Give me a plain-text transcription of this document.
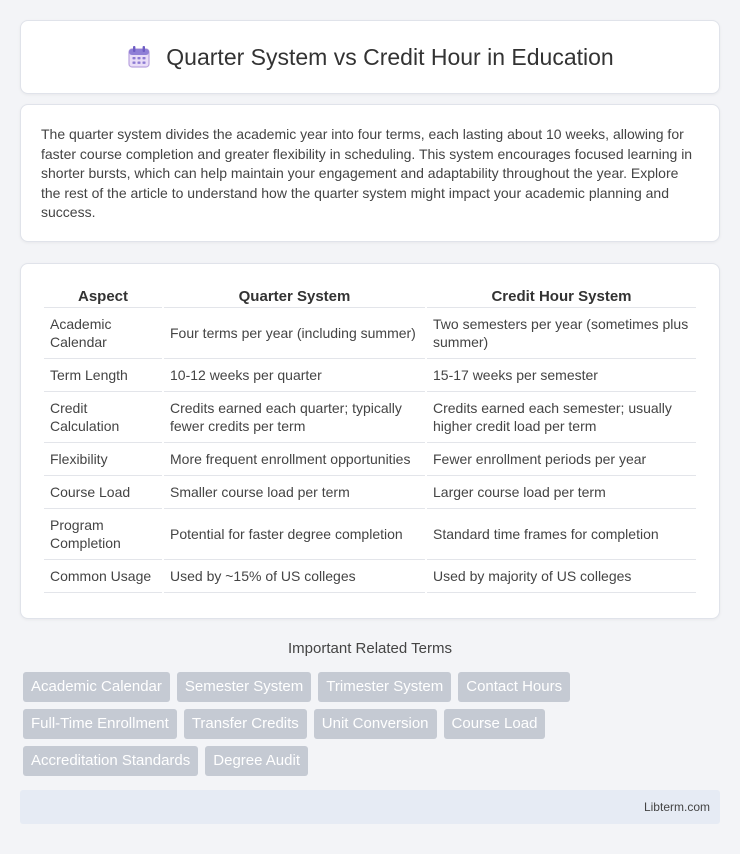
Quarter System vs Credit Hour in Education

The quarter system divides the academic year into four terms, each lasting about 10 weeks, allowing for faster course completion and greater flexibility in scheduling. This system encourages focused learning in shorter bursts, which can help maintain your engagement and adaptability throughout the year. Explore the rest of the article to understand how the quarter system might impact your academic planning and success.

Aspect	Quarter System	Credit Hour System
Academic Calendar	Four terms per year (including summer)	Two semesters per year (sometimes plus summer)
Term Length	10-12 weeks per quarter	15-17 weeks per semester
Credit Calculation	Credits earned each quarter; typically fewer credits per term	Credits earned each semester; usually higher credit load per term
Flexibility	More frequent enrollment opportunities	Fewer enrollment periods per year
Course Load	Smaller course load per term	Larger course load per term
Program Completion	Potential for faster degree completion	Standard time frames for completion
Common Usage	Used by ~15% of US colleges	Used by majority of US colleges
Important Related Terms
Academic Calendar	Semester System	Trimester System	Contact Hours
Full-Time Enrollment	Transfer Credits	Unit Conversion	Course Load
Accreditation Standards	Degree Audit
Libterm.com
